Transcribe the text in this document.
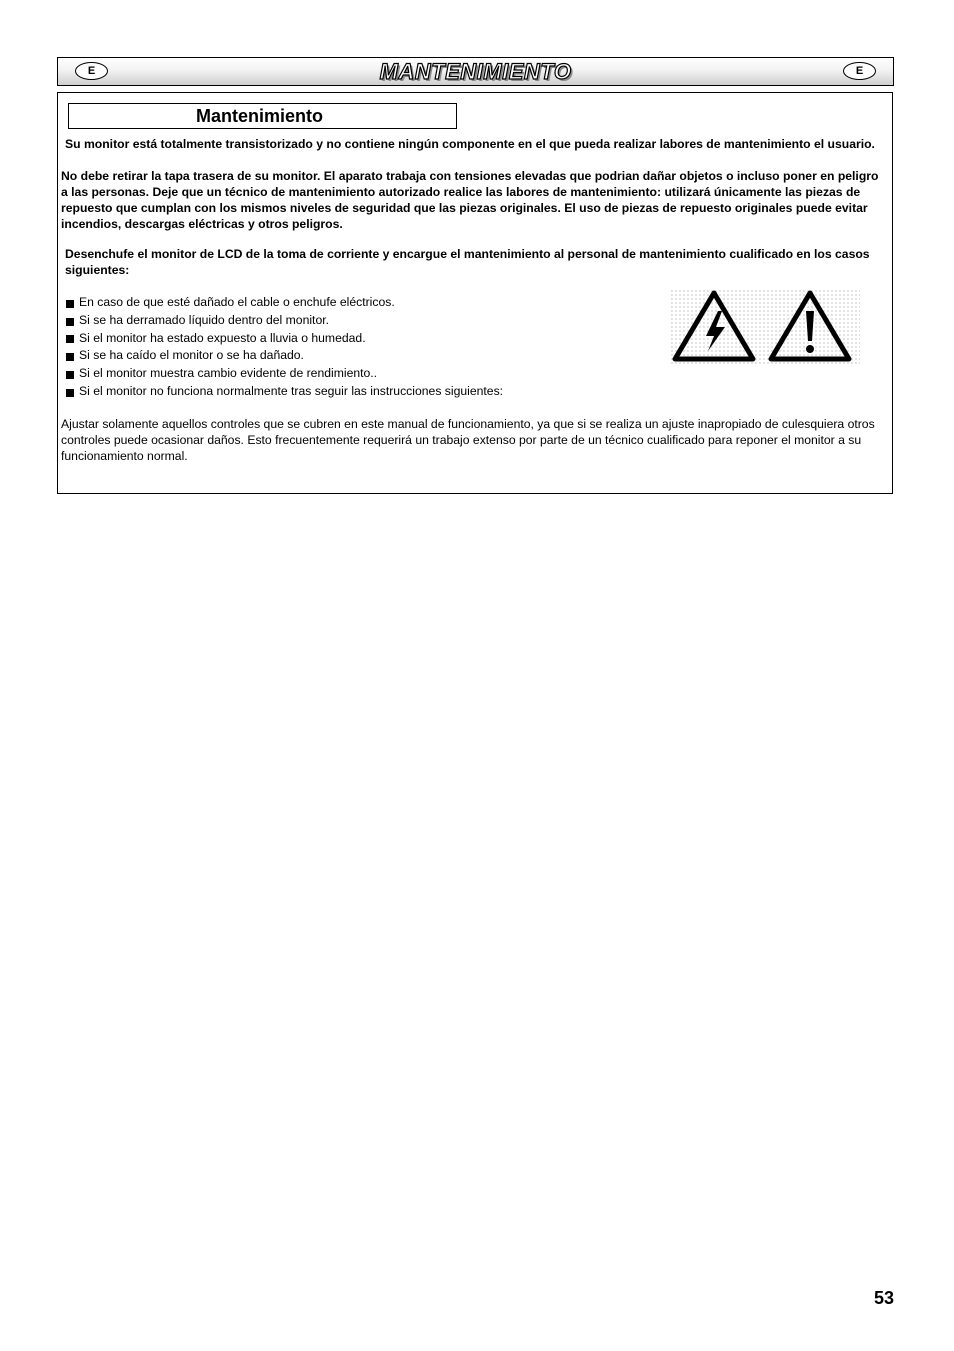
E	MANTENIMIENTO	E
Mantenimiento

Su monitor está totalmente transistorizado y no contiene ningún componente en el que pueda realizar labores de mantenimiento el usuario.

No debe retirar la tapa trasera de su monitor. El aparato trabaja con tensiones elevadas que podrian dañar objetos o incluso poner en peligro a las personas. Deje que un técnico de mantenimiento autorizado realice las labores de mantenimiento: utilizará únicamente las piezas de repuesto que cumplan con los mismos niveles de seguridad que las piezas originales. El uso de piezas de repuesto originales puede evitar incendios, descargas eléctricas y otros peligros.

Desenchufe el monitor de LCD de la toma de corriente y encargue el mantenimiento al personal de mantenimiento cualificado en los casos siguientes:

En caso de que esté dañado el cable o enchufe eléctricos.
Si se ha derramado líquido dentro del monitor.
Si el monitor ha estado expuesto a lluvia o humedad.
Si se ha caído el monitor o se ha dañado.
Si el monitor muestra cambio evidente de rendimiento..
Si el monitor no funciona normalmente tras seguir las instrucciones siguientes:

Ajustar solamente aquellos controles que se cubren en este manual de funcionamiento, ya que si se realiza un ajuste inapropiado de culesquiera otros controles puede ocasionar daños. Esto frecuentemente requerirá un trabajo extenso por parte de un técnico cualificado para reponer el monitor a su funcionamiento normal.

53
